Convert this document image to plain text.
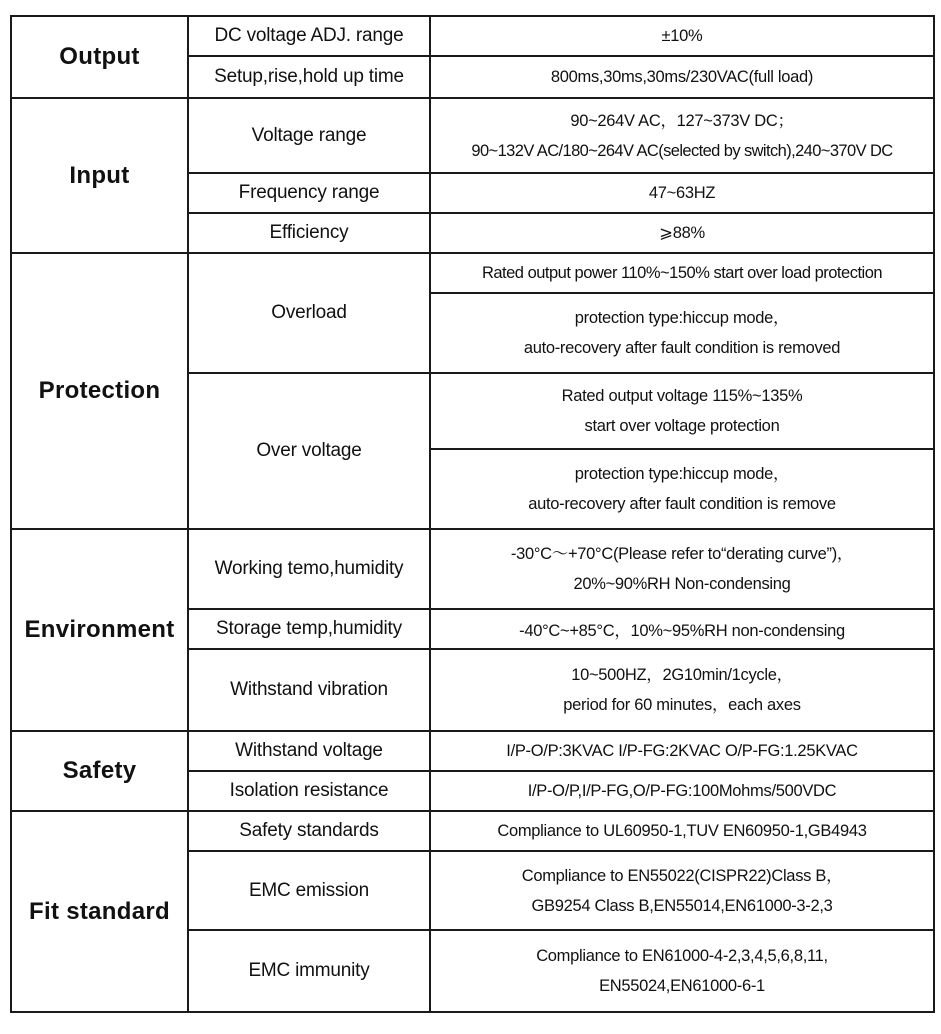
Output	DC voltage ADJ. range	±10%

	Setup,rise,hold up time	800ms,30ms,30ms/230VAC(full load)

Input	Voltage range	90~264V AC，127~373V DC；
90~132V AC/180~264V AC(selected by switch),240~370V DC

	Frequency range	47~63HZ

	Efficiency	⩾88%

Protection	Overload	Rated output power 110%~150% start over load protection

		protection type:hiccup mode，
auto-recovery after fault condition is removed

	Over voltage	Rated output voltage 115%~135%
start over voltage protection

		protection type:hiccup mode，
auto-recovery after fault condition is remove

Environment	Working temo,humidity	-30°C～+70°C(Please refer to“derating curve”)，
20%~90%RH Non-condensing

	Storage temp,humidity	-40°C~+85°C，10%~95%RH non-condensing

	Withstand vibration	10~500HZ，2G10min/1cycle，
period for 60 minutes，each axes

Safety	Withstand voltage	I/P-O/P:3KVAC I/P-FG:2KVAC O/P-FG:1.25KVAC

	Isolation resistance	I/P-O/P,I/P-FG,O/P-FG:100Mohms/500VDC

Fit standard	Safety standards	Compliance to UL60950-1,TUV EN60950-1,GB4943

	EMC emission	Compliance to EN55022(CISPR22)Class B，
GB9254 Class B,EN55014,EN61000-3-2,3

	EMC immunity	Compliance to EN61000-4-2,3,4,5,6,8,11,
EN55024,EN61000-6-1
